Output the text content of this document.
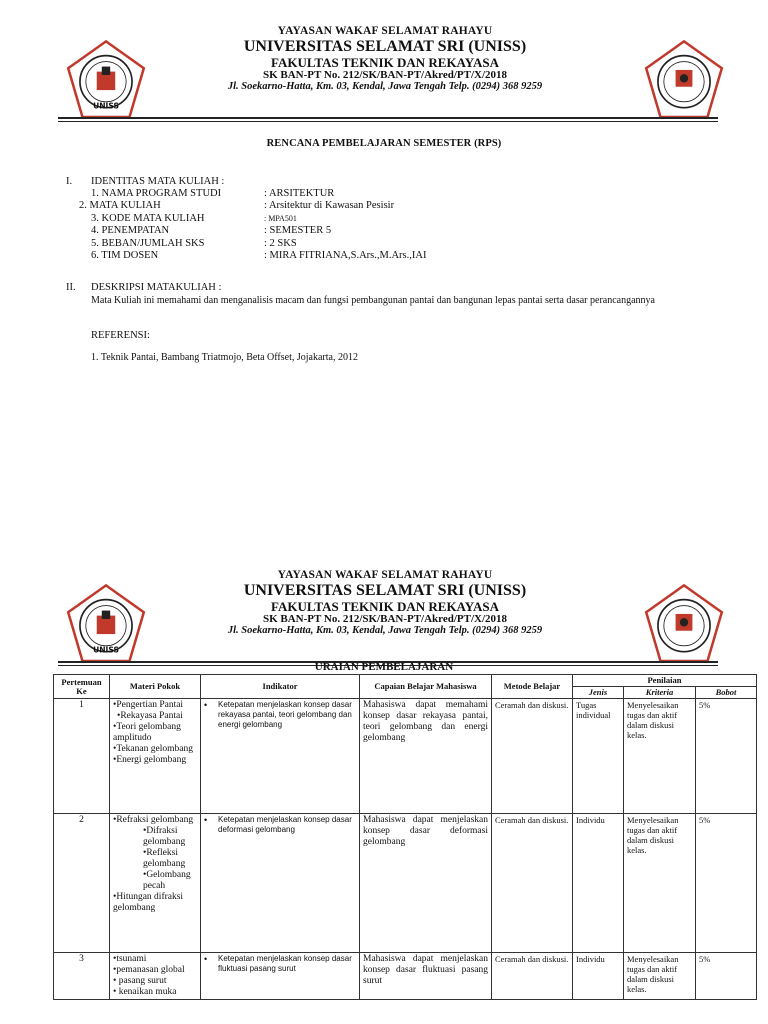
UNISS
YAYASAN WAKAF SELAMAT RAHAYU
UNIVERSITAS SELAMAT SRI (UNISS)
FAKULTAS TEKNIK DAN REKAYASA
SK BAN-PT No. 212/SK/BAN-PT/Akred/PT/X/2018
Jl. Soekarno-Hatta, Km. 03, Kendal, Jawa Tengah Telp. (0294) 368 9259
RENCANA PEMBELAJARAN SEMESTER (RPS)
I. IDENTITAS MATA KULIAH :
1. NAMA PROGRAM STUDI	: ARSITEKTUR
2. MATA KULIAH	: Arsitektur di Kawasan Pesisir
3. KODE MATA KULIAH	: MPA501
4. PENEMPATAN	: SEMESTER 5
5. BEBAN/JUMLAH SKS	: 2 SKS
6. TIM DOSEN	: MIRA FITRIANA,S.Ars.,M.Ars.,IAI
II. DESKRIPSI MATAKULIAH :
Mata Kuliah ini memahami dan menganalisis macam dan fungsi pembangunan pantai dan bangunan lepas pantai serta dasar perancangannya
REFERENSI:
1. Teknik Pantai, Bambang Triatmojo, Beta Offset, Jojakarta, 2012
UNISS
YAYASAN WAKAF SELAMAT RAHAYU
UNIVERSITAS SELAMAT SRI (UNISS)
FAKULTAS TEKNIK DAN REKAYASA
SK BAN-PT No. 212/SK/BAN-PT/Akred/PT/X/2018
Jl. Soekarno-Hatta, Km. 03, Kendal, Jawa Tengah Telp. (0294) 368 9259
URAIAN PEMBELAJARAN
Pertemuan Ke	Materi Pokok	Indikator	Capaian Belajar Mahasiswa	Metode Belajar	Penilaian		
					Jenis	Kriteria	Bobot
1	•Pengertian Pantai
•Rekayasa Pantai
•Teori gelombang amplitudo
•Tekanan gelombang
•Energi gelombang	• Ketepatan menjelaskan konsep dasar rekayasa pantai, teori gelombang dan energi gelombang	Mahasiswa dapat memahami konsep dasar rekayasa pantai, teori gelombang dan energi gelombang	Ceramah dan diskusi.	Tugas individual	Menyelesaikan tugas dan aktif dalam diskusi kelas.	5%
2	•Refraksi gelombang
•Difraksi gelombang
•Refleksi gelombang
•Gelombang pecah
•Hitungan difraksi gelombang	• Ketepatan menjelaskan konsep dasar deformasi gelombang	Mahasiswa dapat menjelaskan konsep dasar deformasi gelombang	Ceramah dan diskusi.	Individu	Menyelesaikan tugas dan aktif dalam diskusi kelas.	5%
3	•tsunami
•pemanasan global
• pasang surut
• kenaikan muka	• Ketepatan menjelaskan konsep dasar fluktuasi pasang surut	Mahasiswa dapat menjelaskan konsep dasar fluktuasi pasang surut	Ceramah dan diskusi.	Individu	Menyelesaikan tugas dan aktif dalam diskusi kelas.	5%
